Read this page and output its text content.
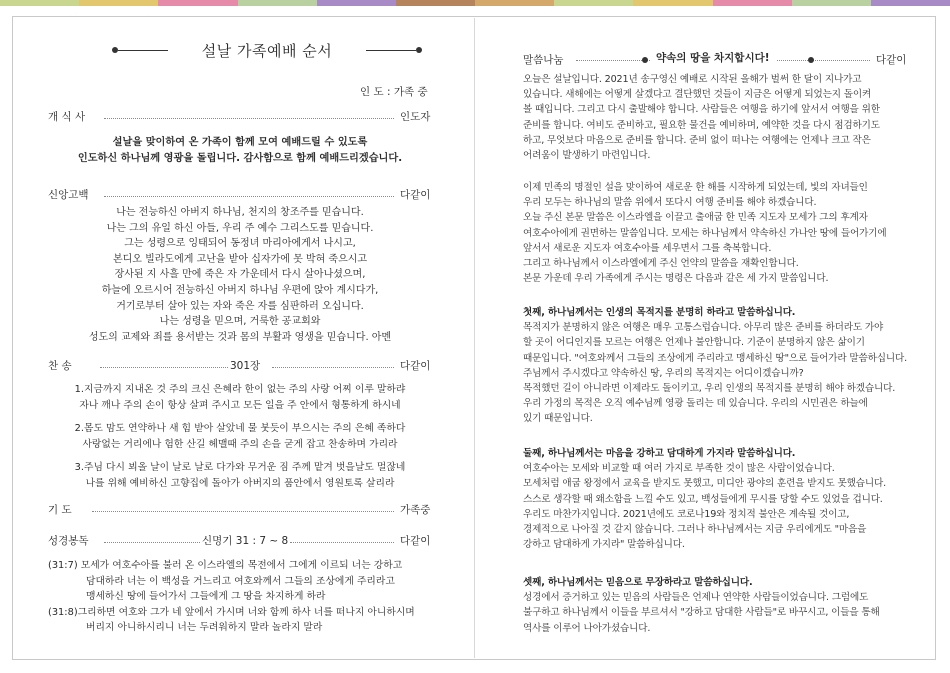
설날 가족예배 순서
인 도 : 가족 중
개 식 사	인도자
설날을 맞이하여 온 가족이 함께 모여 예배드릴 수 있도록
인도하신 하나님께 영광을 돌립니다. 감사함으로 함께 예배드리겠습니다.
신앙고백	다같이
나는 전능하신 아버지 하나님, 천지의 창조주를 믿습니다.
나는 그의 유일 하신 아들, 우리 주 예수 그리스도를 믿습니다.
그는 성령으로 잉태되어 동정녀 마리아에게서 나시고,
본디오 빌라도에게 고난을 받아 십자가에 못 박혀 죽으시고
장사된 지 사흘 만에 죽은 자 가운데서 다시 살아나셨으며,
하늘에 오르시어 전능하신 아버지 하나님 우편에 앉아 계시다가,
거기로부터 살아 있는 자와 죽은 자를 심판하러 오십니다.
나는 성령을 믿으며, 거룩한 공교회와
성도의 교제와 죄를 용서받는 것과 몸의 부활과 영생을 믿습니다. 아멘
찬 송	301장	다같이
1.지금까지 지내온 것 주의 크신 은혜라 한이 없는 주의 사랑 어찌 이루 말하랴
자나 깨나 주의 손이 항상 살펴 주시고 모든 일을 주 안에서 형통하게 하시네
2.몸도 맘도 연약하나 새 힘 받아 살았네 물 붓듯이 부으시는 주의 은혜 족하다
사랑없는 거리에나 험한 산길 헤맬때 주의 손을 굳게 잡고 찬송하며 가리라
3.주님 다시 뵈올 날이 날로 날로 다가와 무거운 짐 주께 맡겨 벗을날도 멀잖네
나를 위해 예비하신 고향집에 돌아가 아버지의 품안에서 영원토록 살리라
기 도	가족중
성경봉독	신명기 31 : 7 ~ 8	다같이
(31:7) 모세가 여호수아를 불러 온 이스라엘의 목전에서 그에게 이르되 너는 강하고
담대하라 너는 이 백성을 거느리고 여호와께서 그들의 조상에게 주리라고
맹세하신 땅에 들어가서 그들에게 그 땅을 차지하게 하라
(31:8)그리하면 여호와 그가 네 앞에서 가시며 너와 함께 하사 너를 떠나지 아니하시며
버리지 아니하시리니 너는 두려워하지 말라 놀라지 말라
말씀나눔	약속의 땅을 차지합시다!	다같이
오늘은 설날입니다. 2021년 송구영신 예배로 시작된 올해가 벌써 한 달이 지나가고
있습니다. 새해에는 어떻게 살겠다고 결단했던 것들이 지금은 어떻게 되었는지 돌이켜
볼 때입니다. 그리고 다시 출발해야 합니다. 사람들은 여행을 하기에 앞서서 여행을 위한
준비를 합니다. 여비도 준비하고, 필요한 물건을 예비하며, 예약한 것을 다시 점검하기도
하고, 무엇보다 마음으로 준비를 합니다. 준비 없이 떠나는 여행에는 언제나 크고 작은
어려움이 발생하기 마련입니다.
이제 민족의 명절인 설을 맞이하여 새로운 한 해를 시작하게 되었는데, 빛의 자녀들인
우리 모두는 하나님의 말씀 위에서 또다시 여행 준비를 해야 하겠습니다.
오늘 주신 본문 말씀은 이스라엘을 이끌고 출애굽 한 민족 지도자 모세가 그의 후계자
여호수아에게 권면하는 말씀입니다. 모세는 하나님께서 약속하신 가나안 땅에 들어가기에
앞서서 새로운 지도자 여호수아를 세우면서 그를 축복합니다.
그리고 하나님께서 이스라엘에게 주신 언약의 말씀을 재확인합니다.
본문 가운데 우리 가족에게 주시는 명령은 다음과 같은 세 가지 말씀입니다.
첫째, 하나님께서는 인생의 목적지를 분명히 하라고 말씀하십니다.
목적지가 분명하지 않은 여행은 매우 고통스럽습니다. 아무리 많은 준비를 하더라도 가야
할 곳이 어디인지를 모르는 여행은 언제나 불안합니다. 기준이 분명하지 않은 삶이기
때문입니다. "여호와께서 그들의 조상에게 주리라고 맹세하신 땅"으로 들어가라 말씀하십니다.
주님께서 주시겠다고 약속하신 땅, 우리의 목적지는 어디이겠습니까?
목적했던 길이 아니라면 이제라도 돌이키고, 우리 인생의 목적지를 분명히 해야 하겠습니다.
우리 가정의 목적은 오직 예수님께 영광 돌리는 데 있습니다. 우리의 시민권은 하늘에
있기 때문입니다.
둘째, 하나님께서는 마음을 강하고 담대하게 가지라 말씀하십니다.
여호수아는 모세와 비교할 때 여러 가지로 부족한 것이 많은 사람이었습니다.
모세처럼 애굽 왕정에서 교육을 받지도 못했고, 미디안 광야의 훈련을 받지도 못했습니다.
스스로 생각할 때 왜소함을 느낄 수도 있고, 백성들에게 무시를 당할 수도 있었을 겁니다.
우리도 마찬가지입니다. 2021년에도 코로나19와 정치적 불안은 계속될 것이고,
경제적으로 나아질 것 같지 않습니다. 그러나 하나님께서는 지금 우리에게도 "마음을
강하고 담대하게 가지라" 말씀하십니다.
셋째, 하나님께서는 믿음으로 무장하라고 말씀하십니다.
성경에서 증거하고 있는 믿음의 사람들은 언제나 연약한 사람들이었습니다. 그럼에도
불구하고 하나님께서 이들을 부르셔서 "강하고 담대한 사람들"로 바꾸시고, 이들을 통해
역사를 이루어 나아가셨습니다.
